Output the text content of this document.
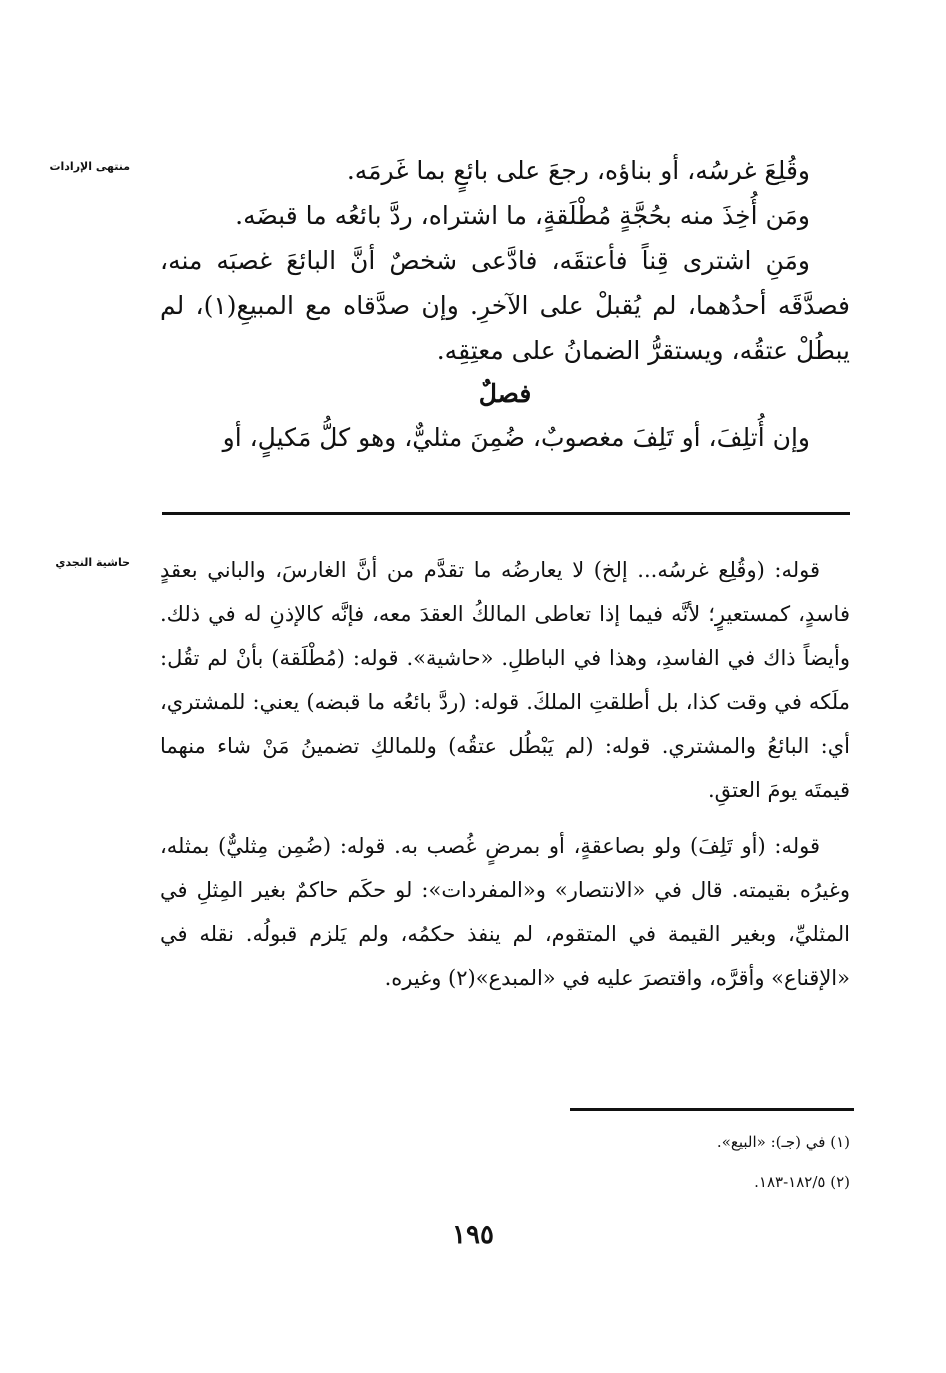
منتهى الإرادات
حاشية النجدي

وقُلِعَ غرسُه، أو بناؤه، رجعَ على بائعٍ بما غَرمَه.

ومَن أُخِذَ منه بحُجَّةٍ مُطْلَقةٍ، ما اشتراه، ردَّ بائعُه ما قبضَه.

ومَنِ اشترى قِناً فأعتقَه، فادَّعى شخصٌ أنَّ البائعَ غصبَه منه، فصدَّقَه أحدُهما، لم يُقبلْ على الآخرِ. وإن صدَّقاه مع المبيعِ(١)، لم يبطُلْ عتقُه، ويستقرُّ الضمانُ على معتِقِه.

فصلٌ

وإن أُتلِفَ، أو تَلِفَ مغصوبٌ، ضُمِنَ مثليٌّ، وهو كلُّ مَكيلٍ، أو

قوله: (وقُلِع غرسُه... إلخ) لا يعارضُه ما تقدَّم من أنَّ الغارسَ، والباني بعقدٍ فاسدٍ، كمستعيرٍ؛ لأنَّه فيما إذا تعاطى المالكُ العقدَ معه، فإنَّه كالإذنِ له في ذلك. وأيضاً ذاك في الفاسدِ، وهذا في الباطلِ. «حاشية». قوله: (مُطْلَقة) بأنْ لم تقُل: ملَكه في وقت كذا، بل أطلقتِ الملكَ. قوله: (ردَّ بائعُه ما قبضه) يعني: للمشتري، أي: البائعُ والمشتري. قوله: (لم يَبْطُل عتقُه) وللمالكِ تضمينُ مَنْ شاء منهما قيمتَه يومَ العتقِ.

قوله: (أو تَلِفَ) ولو بصاعقةٍ، أو بمرضٍ غُصب به. قوله: (ضُمِن مِثليٌّ) بمثله، وغيرُه بقيمته. قال في «الانتصار» و«المفردات»: لو حكَم حاكمٌ بغير المِثلِ في المثليِّ، وبغير القيمة في المتقوم، لم ينفذ حكمُه، ولم يَلزم قبولُه. نقله في «الإقناع» وأقرَّه، واقتصرَ عليه في «المبدع»(٢) وغيره.

(١) في (جـ): «البيع».

(٢) ١٨٢/٥-١٨٣.

١٩٥
